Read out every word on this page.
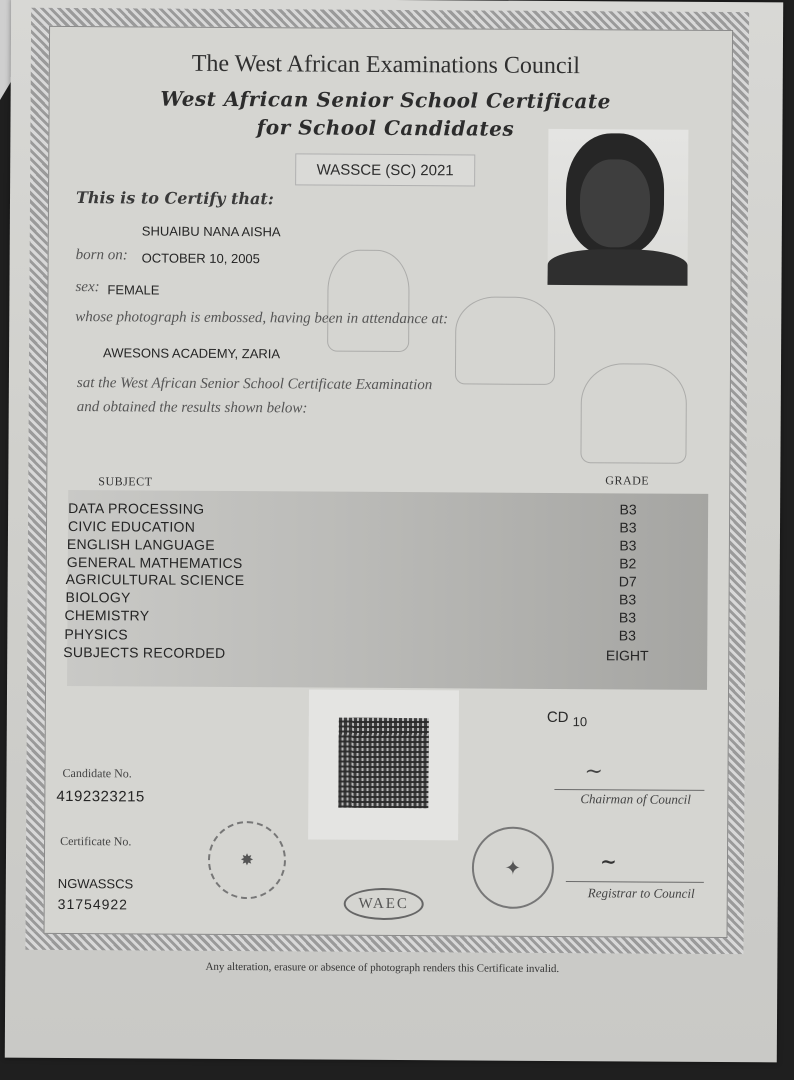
The West African Examinations Council
West African Senior School Certificate
for School Candidates
WASSCE (SC) 2021
This is to Certify that:
SHUAIBU NANA AISHA
born on: OCTOBER 10, 2005
sex: FEMALE
whose photograph is embossed, having been in attendance at:
AWESONS ACADEMY, ZARIA
sat the West African Senior School Certificate Examination
and obtained the results shown below:
SUBJECT	GRADE
DATA PROCESSING	B3
CIVIC EDUCATION	B3
ENGLISH LANGUAGE	B3
GENERAL MATHEMATICS	B2
AGRICULTURAL SCIENCE	D7
BIOLOGY	B3
CHEMISTRY	B3
PHYSICS	B3
SUBJECTS RECORDED	EIGHT
CD 10
Candidate No.
4192323215
Certificate No.
NGWASSCS
31754922
✸	✦
WAEC
~
Chairman of Council
~
Registrar to Council
Any alteration, erasure or absence of photograph renders this Certificate invalid.
